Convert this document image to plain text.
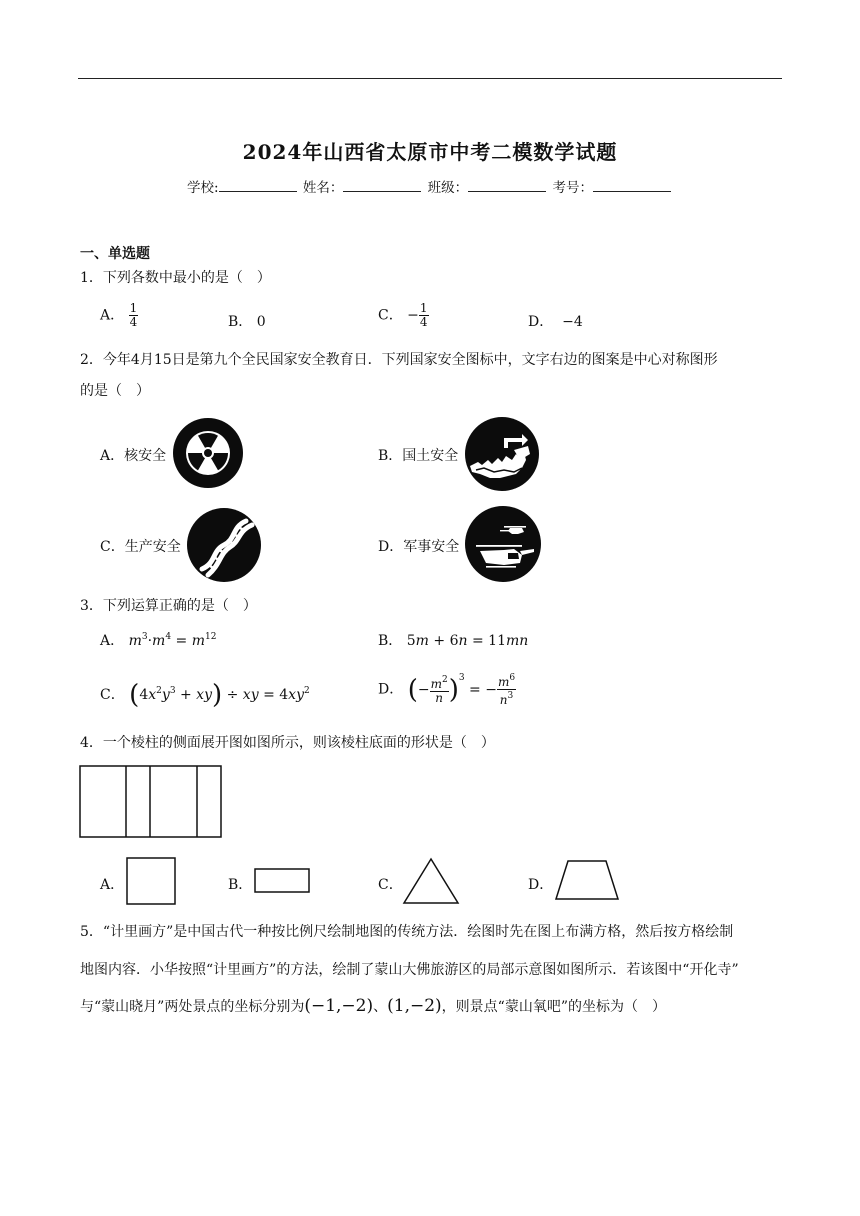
2024年山西省太原市中考二模数学试题
学校:	姓名：	班级：	考号：
一、单选题
1．下列各数中最小的是（　）
A． $\frac{1}{4}$	B． 0	C． − $\frac{1}{4}$	D． −4
2．今年4月15日是第九个全民国家安全教育日．下列国家安全图标中，文字右边的图案是中心对称图形
的是（　）
A．核安全	B．国土安全
C．生产安全	D．军事安全
3．下列运算正确的是（　）
A． $m^3\cdot m^4 = m^{12}$	B． 5m + 6n = 11mn
C． $(4x^2y^3 + xy)$ ÷ xy = $4xy^2$	D． (− $\frac{m^2}{n} )^3$ = − $\frac{m^6}{n^3}$
4．一个棱柱的侧面展开图如图所示，则该棱柱底面的形状是（　）
A．	B．	C．	D．
5．“计里画方”是中国古代一种按比例尺绘制地图的传统方法．绘图时先在图上布满方格，然后按方格绘制
地图内容．小华按照“计里画方”的方法，绘制了蒙山大佛旅游区的局部示意图如图所示．若该图中“开化寺”
与“蒙山晓月”两处景点的坐标分别为(−1,−2)、(1,−2)，则景点“蒙山氧吧”的坐标为（　）
